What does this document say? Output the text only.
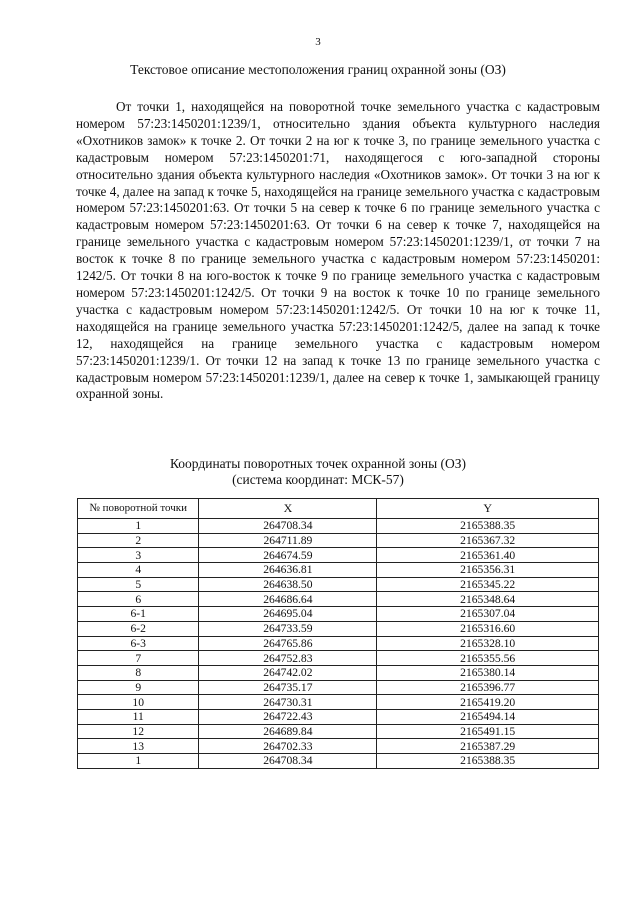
3
Текстовое описание местоположения границ охранной зоны (ОЗ)

От точки 1, находящейся на поворотной точке земельного участка с кадастровым номером 57:23:1450201:1239/1, относительно здания объекта культурного наследия «Охотников замок» к точке 2. От точки 2 на юг к точке 3, по границе земельного участка с кадастровым номером 57:23:1450201:71, находящегося с юго-западной стороны относительно здания объекта культурного наследия «Охотников замок». От точки 3 на юг к точке 4, далее на запад к точке 5, находящейся на границе земельного участка с кадастровым номером 57:23:1450201:63. От точки 5 на север к точке 6 по границе земельного участка с кадастровым номером 57:23:1450201:63. От точки 6 на север к точке 7, находящейся на границе земельного участка с кадастровым номером 57:23:1450201:1239/1, от точки 7 на восток к точке 8 по границе земельного участка с кадастровым номером 57:23:1450201: 1242/5. От точки 8 на юго-восток к точке 9 по границе земельного участка с кадастровым номером 57:23:1450201:1242/5. От точки 9 на восток к точке 10 по границе земельного участка с кадастровым номером 57:23:1450201:1242/5. От точки 10 на юг к точке 11, находящейся на границе земельного участка 57:23:1450201:1242/5, далее на запад к точке 12, находящейся на границе земельного участка с кадастровым номером 57:23:1450201:1239/1. От точки 12 на запад к точке 13 по границе земельного участка с кадастровым номером 57:23:1450201:1239/1, далее на север к точке 1, замыкающей границу охранной зоны.

Координаты поворотных точек охранной зоны (ОЗ)
(система координат: МСК-57)
№ поворотной точки	X	Y
1	264708.34	2165388.35
2	264711.89	2165367.32
3	264674.59	2165361.40
4	264636.81	2165356.31
5	264638.50	2165345.22
6	264686.64	2165348.64
6-1	264695.04	2165307.04
6-2	264733.59	2165316.60
6-3	264765.86	2165328.10
7	264752.83	2165355.56
8	264742.02	2165380.14
9	264735.17	2165396.77
10	264730.31	2165419.20
11	264722.43	2165494.14
12	264689.84	2165491.15
13	264702.33	2165387.29
1	264708.34	2165388.35
